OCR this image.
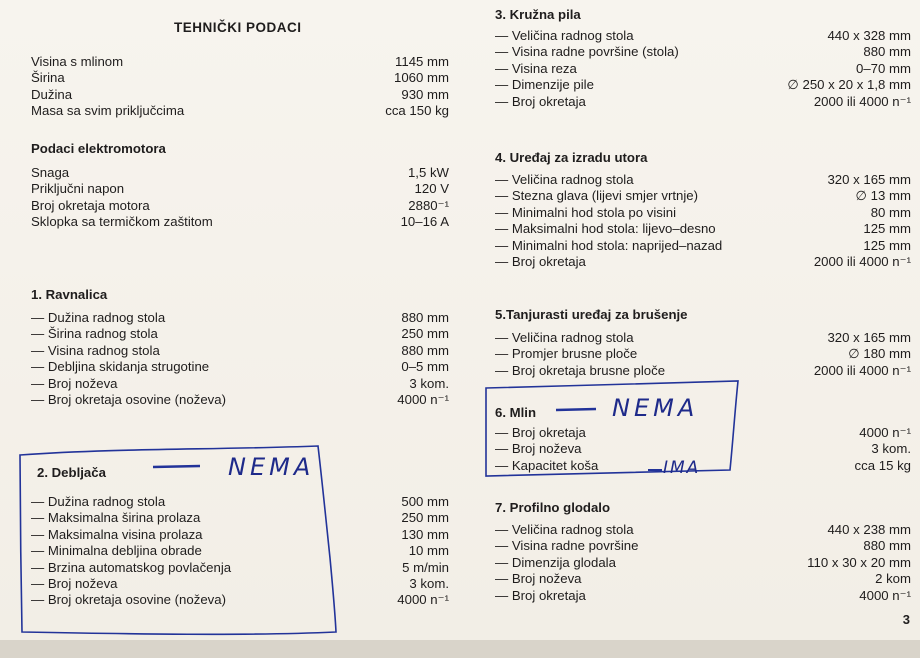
TEHNIČKI PODACI
Visina s mlinom	1145 mm
Širina	1060 mm
Dužina	930 mm
Masa sa svim priključcima	cca 150 kg
Podaci elektromotora
Snaga	1,5 kW
Priključni napon	120 V
Broj okretaja motora	2880⁻¹
Sklopka sa termičkom zaštitom	10–16 A
1. Ravnalica
— Dužina radnog stola	880 mm
— Širina radnog stola	250 mm
— Visina radnog stola	880 mm
— Debljina skidanja strugotine	0–5 mm
— Broj noževa	3 kom.
— Broj okretaja osovine (noževa)	4000 n⁻¹
2. Debljača
— Dužina radnog stola	500 mm
— Maksimalna širina prolaza	250 mm
— Maksimalna visina prolaza	130 mm
— Minimalna debljina obrade	10 mm
— Brzina automatskog povlačenja	5 m/min
— Broj noževa	3 kom.
— Broj okretaja osovine (noževa)	4000 n⁻¹
3. Kružna pila
— Veličina radnog stola	440 x 328 mm
— Visina radne površine (stola)	880 mm
— Visina reza	0–70 mm
— Dimenzije pile	∅ 250 x 20 x 1,8 mm
— Broj okretaja	2000 ili 4000 n⁻¹
4. Uređaj za izradu utora
— Veličina radnog stola	320 x 165 mm
— Stezna glava (lijevi smjer vrtnje)	∅ 13 mm
— Minimalni hod stola po visini	80 mm
— Maksimalni hod stola: lijevo–desno	125 mm
— Minimalni hod stola: naprijed–nazad	125 mm
— Broj okretaja	2000 ili 4000 n⁻¹
5.Tanjurasti uređaj za brušenje
— Veličina radnog stola	320 x 165 mm
— Promjer brusne ploče	∅ 180 mm
— Broj okretaja brusne ploče	2000 ili 4000 n⁻¹
6. Mlin
— Broj okretaja	4000 n⁻¹
— Broj noževa	3 kom.
— Kapacitet koša	cca 15 kg
7. Profilno glodalo
— Veličina radnog stola	440 x 238 mm
— Visina radne površine	880 mm
— Dimenzija glodala	110 x 30 x 20 mm
— Broj noževa	2 kom
— Broj okretaja	4000 n⁻¹
NEMA
NEMA
IMA
3
